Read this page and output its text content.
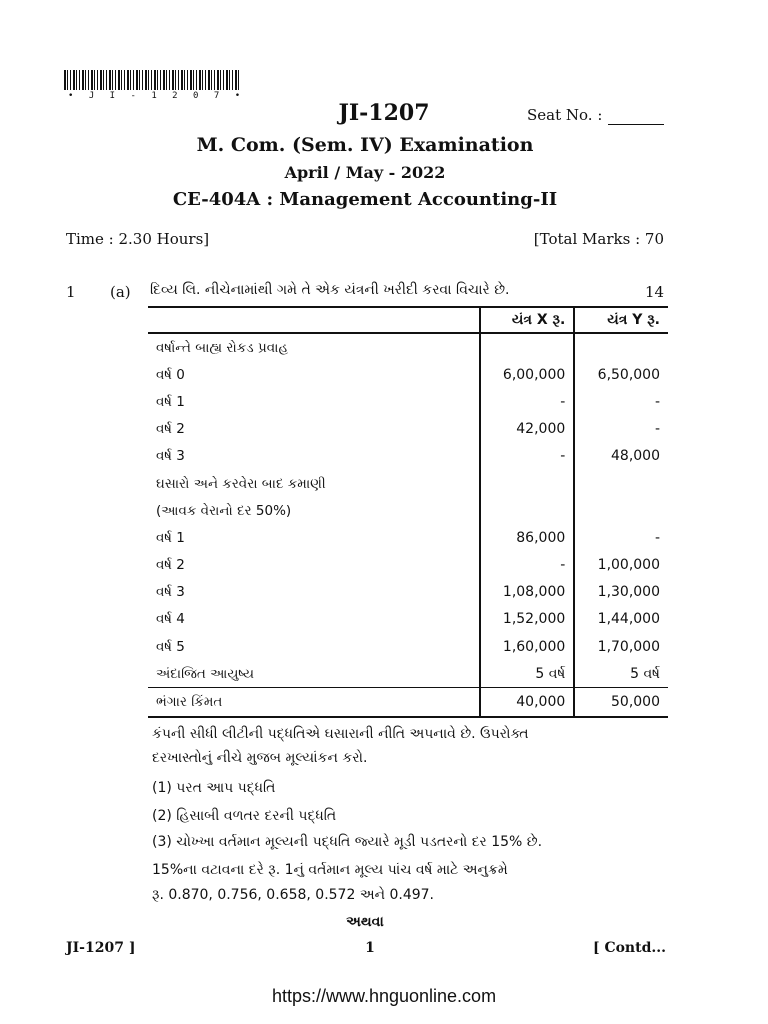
• J I - 1 2 0 7 •
JI-1207	Seat No. :
M. Com. (Sem. IV) Examination
April / May - 2022
CE-404A : Management Accounting-II
Time : 2.30 Hours]	[Total Marks : 70
1 (a) દિવ્ય લિ. નીચેનામાંથી ગમે તે એક યંત્રની ખરીદી કરવા વિચારે છે.	14
	યંત્ર X રૂ.	યંત્ર Y રૂ.
વર્ષાન્તે બાહ્ય રોકડ પ્રવાહ		
વર્ષ 0	6,00,000	6,50,000
વર્ષ 1	-	-
વર્ષ 2	42,000	-
વર્ષ 3	-	48,000
ઘસારો અને કરવેરા બાદ કમાણી		
(આવક વેરાનો દર 50%)		
વર્ષ 1	86,000	-
વર્ષ 2	-	1,00,000
વર્ષ 3	1,08,000	1,30,000
વર્ષ 4	1,52,000	1,44,000
વર્ષ 5	1,60,000	1,70,000
અંદાજિત આયુષ્ય	5 વર્ષ	5 વર્ષ
ભંગાર કિંમત	40,000	50,000
કંપની સીધી લીટીની પદ્ધતિએ ઘસારાની નીતિ અપનાવે છે. ઉપરોક્ત
દરખાસ્તોનું નીચે મુજબ મૂલ્યાંકન કરો.
(1) પરત આપ પદ્ધતિ
(2) હિસાબી વળતર દરની પદ્ધતિ
(3) ચોખ્ખા વર્તમાન મૂલ્યની પદ્ધતિ જ્યારે મૂડી પડતરનો દર 15% છે.
15%ના વટાવના દરે રૂ. 1નું વર્તમાન મૂલ્ય પાંચ વર્ષ માટે અનુક્રમે
રૂ. 0.870, 0.756, 0.658, 0.572 અને 0.497.
અથવા
JI-1207 ]	1	[ Contd...
https://www.hnguonline.com
